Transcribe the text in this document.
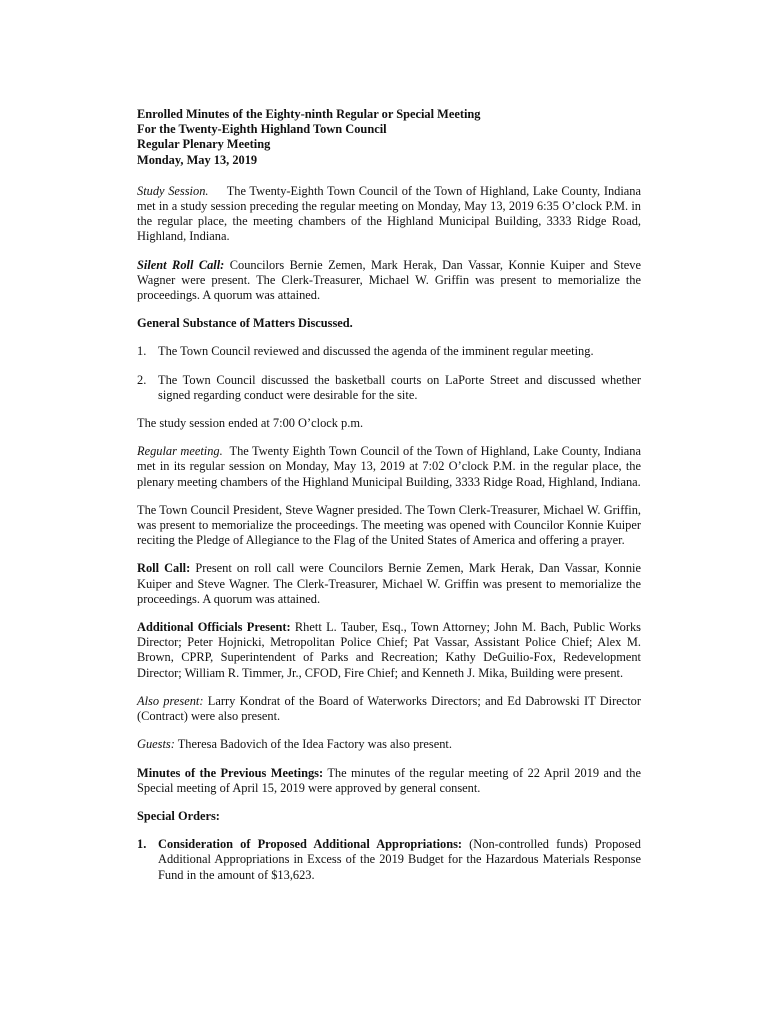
Enrolled Minutes of the Eighty-ninth Regular or Special Meeting

For the Twenty-Eighth Highland Town Council

Regular Plenary Meeting

Monday, May 13, 2019

Study Session. The Twenty-Eighth Town Council of the Town of Highland, Lake County, Indiana met in a study session preceding the regular meeting on Monday, May 13, 2019 6:35 O’clock P.M. in the regular place, the meeting chambers of the Highland Municipal Building, 3333 Ridge Road, Highland, Indiana.

Silent Roll Call: Councilors Bernie Zemen, Mark Herak, Dan Vassar, Konnie Kuiper and Steve Wagner were present. The Clerk-Treasurer, Michael W. Griffin was present to memorialize the proceedings. A quorum was attained.

General Substance of Matters Discussed.

1. The Town Council reviewed and discussed the agenda of the imminent regular meeting.
2. The Town Council discussed the basketball courts on LaPorte Street and discussed whether signed regarding conduct were desirable for the site.

The study session ended at 7:00 O’clock p.m.

Regular meeting. The Twenty Eighth Town Council of the Town of Highland, Lake County, Indiana met in its regular session on Monday, May 13, 2019 at 7:02 O’clock P.M. in the regular place, the plenary meeting chambers of the Highland Municipal Building, 3333 Ridge Road, Highland, Indiana.

The Town Council President, Steve Wagner presided. The Town Clerk-Treasurer, Michael W. Griffin, was present to memorialize the proceedings. The meeting was opened with Councilor Konnie Kuiper reciting the Pledge of Allegiance to the Flag of the United States of America and offering a prayer.

Roll Call: Present on roll call were Councilors Bernie Zemen, Mark Herak, Dan Vassar, Konnie Kuiper and Steve Wagner. The Clerk-Treasurer, Michael W. Griffin was present to memorialize the proceedings. A quorum was attained.

Additional Officials Present: Rhett L. Tauber, Esq., Town Attorney; John M. Bach, Public Works Director; Peter Hojnicki, Metropolitan Police Chief; Pat Vassar, Assistant Police Chief; Alex M. Brown, CPRP, Superintendent of Parks and Recreation; Kathy DeGuilio-Fox, Redevelopment Director; William R. Timmer, Jr., CFOD, Fire Chief; and Kenneth J. Mika, Building were present.

Also present: Larry Kondrat of the Board of Waterworks Directors; and Ed Dabrowski IT Director (Contract) were also present.

Guests: Theresa Badovich of the Idea Factory was also present.

Minutes of the Previous Meetings: The minutes of the regular meeting of 22 April 2019 and the Special meeting of April 15, 2019 were approved by general consent.

Special Orders:

1. Consideration of Proposed Additional Appropriations: (Non-controlled funds) Proposed Additional Appropriations in Excess of the 2019 Budget for the Hazardous Materials Response Fund in the amount of $13,623.
